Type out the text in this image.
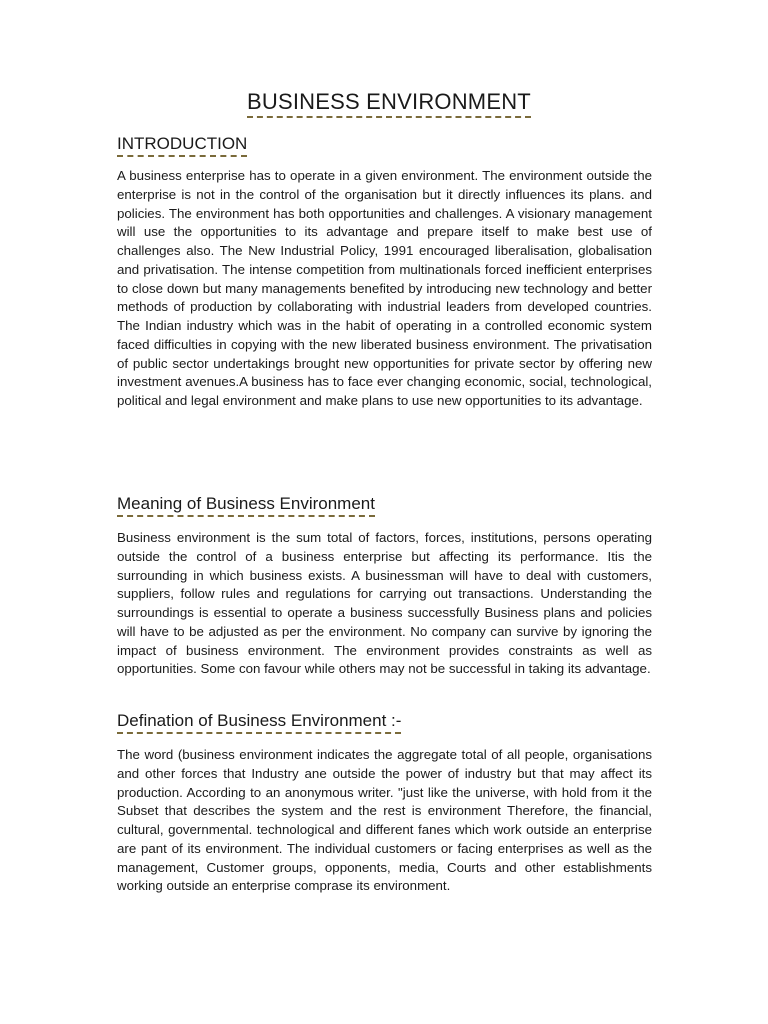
BUSINESS ENVIRONMENT
INTRODUCTION

A business enterprise has to operate in a given environment. The environment outside the enterprise is not in the control of the organisation but it directly influences its plans. and policies. The environment has both opportunities and challenges. A visionary management will use the opportunities to its advantage and prepare itself to make best use of challenges also. The New Industrial Policy, 1991 encouraged liberalisation, globalisation and privatisation. The intense competition from multinationals forced inefficient enterprises to close down but many managements benefited by introducing new technology and better methods of production by collaborating with industrial leaders from developed countries. The Indian industry which was in the habit of operating in a controlled economic system faced difficulties in copying with the new liberated business environment. The privatisation of public sector undertakings brought new opportunities for private sector by offering new investment avenues.A business has to face ever changing economic, social, technological, political and legal environment and make plans to use new opportunities to its advantage.

Meaning of Business Environment

Business environment is the sum total of factors, forces, institutions, persons operating outside the control of a business enterprise but affecting its performance. Itis the surrounding in which business exists. A businessman will have to deal with customers, suppliers, follow rules and regulations for carrying out transactions. Understanding the surroundings is essential to operate a business successfully Business plans and policies will have to be adjusted as per the environment. No company can survive by ignoring the impact of business environment. The environment provides constraints as well as opportunities. Some con favour while others may not be successful in taking its advantage.

Defination of Business Environment :-

The word (business environment indicates the aggregate total of all people, organisations and other forces that Industry ane outside the power of industry but that may affect its production. According to an anonymous writer. "just like the universe, with hold from it the Subset that describes the system and the rest is environment Therefore, the financial, cultural, governmental. technological and different fanes which work outside an enterprise are pant of its environment. The individual customers or facing enterprises as well as the management, Customer groups, opponents, media, Courts and other establishments working outside an enterprise comprase its environment.
